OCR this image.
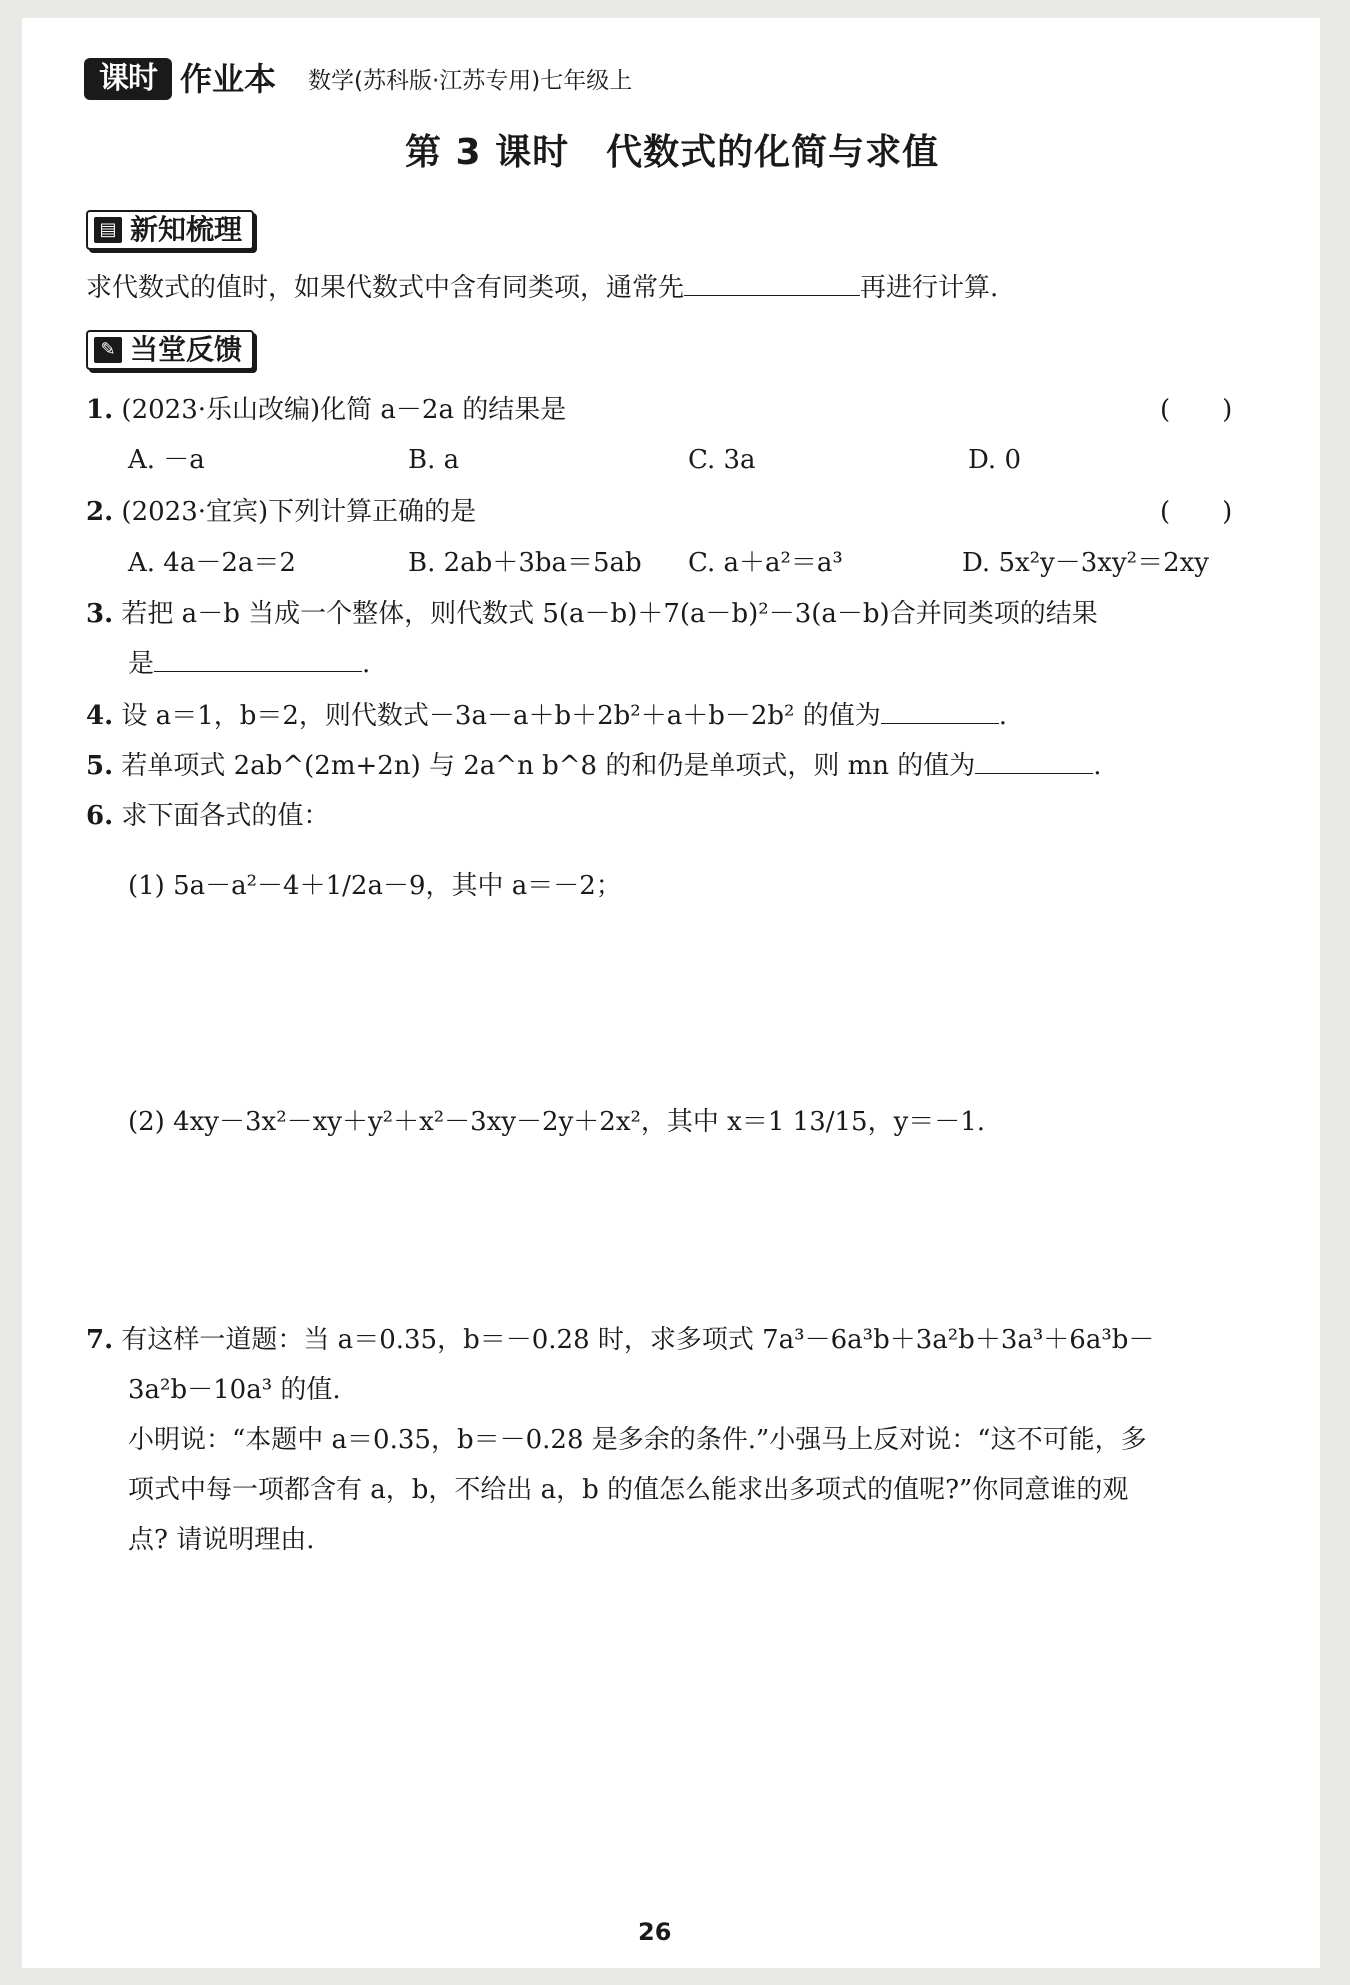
课时 作业本 数学(苏科版·江苏专用)七年级上
第 3 课时　代数式的化简与求值
▤ 新知梳理
求代数式的值时，如果代数式中含有同类项，通常先	再进行计算.
✎ 当堂反馈
1. (2023·乐山改编)化简 a－2a 的结果是	(　　)
A. －a	B. a	C. 3a	D. 0
2. (2023·宜宾)下列计算正确的是	(　　)
A. 4a－2a＝2	B. 2ab＋3ba＝5ab C. a＋a²＝a³	D. 5x²y－3xy²＝2xy
3. 若把 a－b 当成一个整体，则代数式 5(a－b)＋7(a－b)²－3(a－b)合并同类项的结果
是	.
4. 设 a＝1，b＝2，则代数式－3a－a＋b＋2b²＋a＋b－2b² 的值为	.
5. 若单项式 2ab^(2m+2n) 与 2a^n b^8 的和仍是单项式，则 mn 的值为	.
6. 求下面各式的值：
(1) 5a－a²－4＋1/2a－9，其中 a＝－2；
(2) 4xy－3x²－xy＋y²＋x²－3xy－2y＋2x²，其中 x＝1 13/15，y＝－1.
7. 有这样一道题：当 a＝0.35，b＝－0.28 时，求多项式 7a³－6a³b＋3a²b＋3a³＋6a³b－
3a²b－10a³ 的值.
小明说：“本题中 a＝0.35，b＝－0.28 是多余的条件.”小强马上反对说：“这不可能，多
项式中每一项都含有 a，b，不给出 a，b 的值怎么能求出多项式的值呢?”你同意谁的观
点? 请说明理由.
26
